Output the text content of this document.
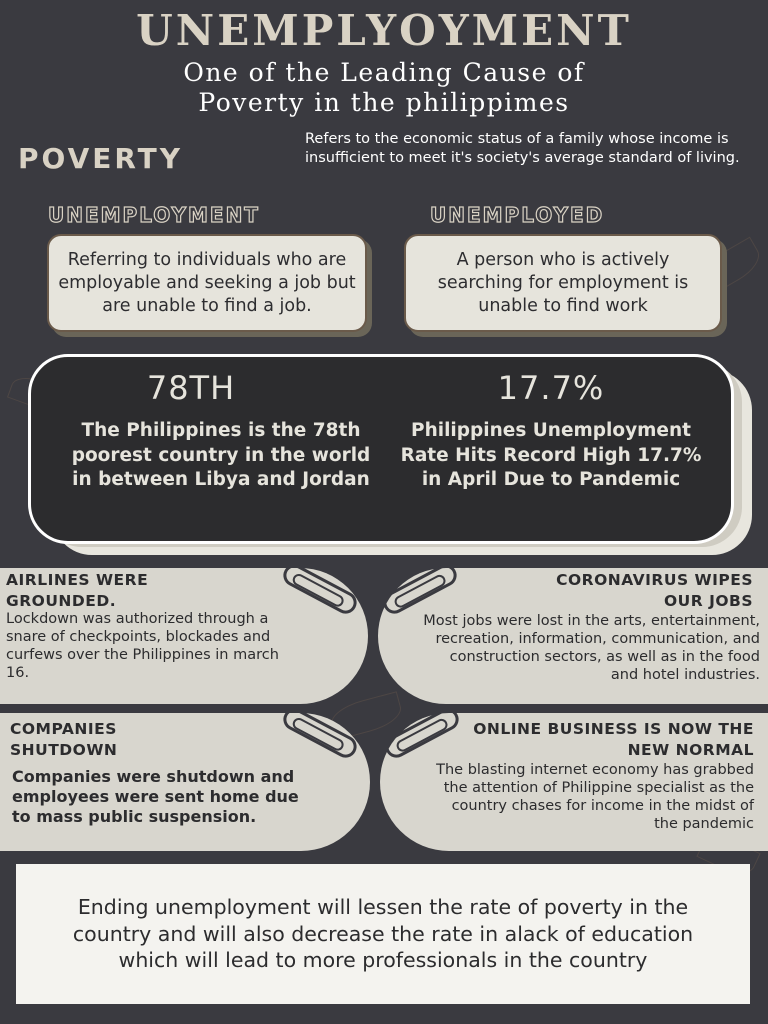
UNEMPLYOYMENT
One of the Leading Cause of
Poverty in the philippimes
POVERTY
Refers to the economic status of a family whose income is insufficient to meet it's society's average standard of living.
UNEMPLOYMENT	UNEMPLOYED
Referring to individuals who are employable and seeking a job but are unable to find a job.
A person who is actively searching for employment is unable to find work
78TH
The Philippines is the 78th poorest country in the world in between Libya and Jordan
17.7%
Philippines Unemployment Rate Hits Record High 17.7% in April Due to Pandemic
AIRLINES WERE GROUNDED.
Lockdown was authorized through a snare of checkpoints, blockades and curfews over the Philippines in march 16.
CORONAVIRUS WIPES OUR JOBS
Most jobs were lost in the arts, entertainment, recreation, information, communication, and construction sectors, as well as in the food and hotel industries.
COMPANIES SHUTDOWN
Companies were shutdown and employees were sent home due to mass public suspension.
ONLINE BUSINESS IS NOW THE NEW NORMAL
The blasting internet economy has grabbed the attention of Philippine specialist as the country chases for income in the midst of the pandemic
Ending unemployment will lessen the rate of poverty in the country and will also decrease the rate in alack of education which will lead to more professionals in the country
